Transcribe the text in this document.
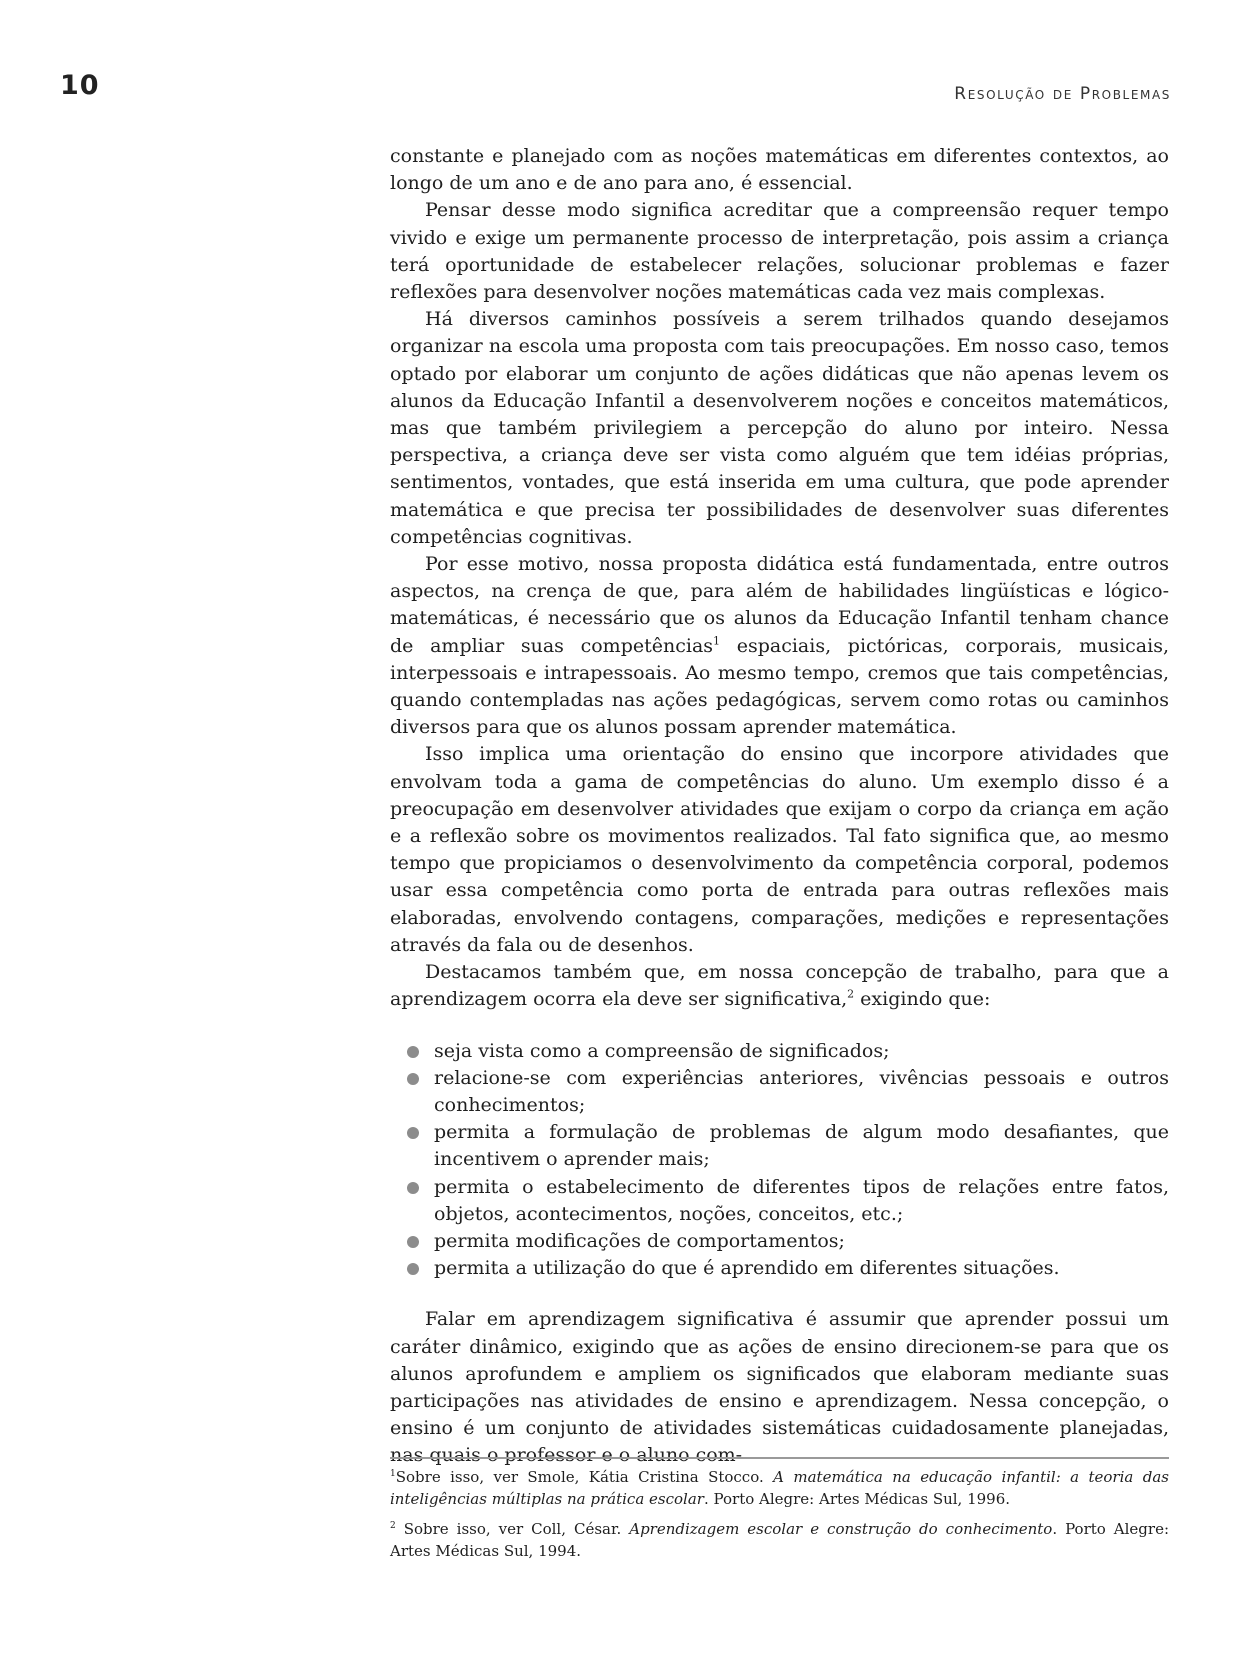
10	Resolução de Problemas

constante e planejado com as noções matemáticas em diferentes contextos, ao longo de um ano e de ano para ano, é essencial.

Pensar desse modo significa acreditar que a compreensão requer tempo vivido e exige um permanente processo de interpretação, pois assim a criança terá oportunidade de estabelecer relações, solucionar problemas e fazer reflexões para desenvolver noções matemáticas cada vez mais complexas.

Há diversos caminhos possíveis a serem trilhados quando desejamos organizar na escola uma proposta com tais preocupações. Em nosso caso, temos optado por elaborar um conjunto de ações didáticas que não apenas levem os alunos da Educação Infantil a desenvolverem noções e conceitos matemáticos, mas que também privilegiem a percepção do aluno por inteiro. Nessa perspectiva, a criança deve ser vista como alguém que tem idéias próprias, sentimentos, vontades, que está inserida em uma cultura, que pode aprender matemática e que precisa ter possibilidades de desenvolver suas diferentes competências cognitivas.

Por esse motivo, nossa proposta didática está fundamentada, entre outros aspectos, na crença de que, para além de habilidades lingüísticas e lógico-matemáticas, é necessário que os alunos da Educação Infantil tenham chance de ampliar suas competências$^1$ espaciais, pictóricas, corporais, musicais, interpessoais e intrapessoais. Ao mesmo tempo, cremos que tais competências, quando contempladas nas ações pedagógicas, servem como rotas ou caminhos diversos para que os alunos possam aprender matemática.

Isso implica uma orientação do ensino que incorpore atividades que envolvam toda a gama de competências do aluno. Um exemplo disso é a preocupação em desenvolver atividades que exijam o corpo da criança em ação e a reflexão sobre os movimentos realizados. Tal fato significa que, ao mesmo tempo que propiciamos o desenvolvimento da competência corporal, podemos usar essa competência como porta de entrada para outras reflexões mais elaboradas, envolvendo contagens, comparações, medições e representações através da fala ou de desenhos.

Destacamos também que, em nossa concepção de trabalho, para que a aprendizagem ocorra ela deve ser significativa,$^2$ exigindo que:

seja vista como a compreensão de significados;
relacione-se com experiências anteriores, vivências pessoais e outros conhecimentos;
permita a formulação de problemas de algum modo desafiantes, que incentivem o aprender mais;
permita o estabelecimento de diferentes tipos de relações entre fatos, objetos, acontecimentos, noções, conceitos, etc.;
permita modificações de comportamentos;
permita a utilização do que é aprendido em diferentes situações.

Falar em aprendizagem significativa é assumir que aprender possui um caráter dinâmico, exigindo que as ações de ensino direcionem-se para que os alunos aprofundem e ampliem os significados que elaboram mediante suas participações nas atividades de ensino e aprendizagem. Nessa concepção, o ensino é um conjunto de atividades sistemáticas cuidadosamente planejadas, nas quais o professor e o aluno com-

$^1$Sobre isso, ver Smole, Kátia Cristina Stocco. A matemática na educação infantil: a teoria das inteligências múltiplas na prática escolar. Porto Alegre: Artes Médicas Sul, 1996.

$^2$ Sobre isso, ver Coll, César. Aprendizagem escolar e construção do conhecimento. Porto Alegre: Artes Médicas Sul, 1994.
